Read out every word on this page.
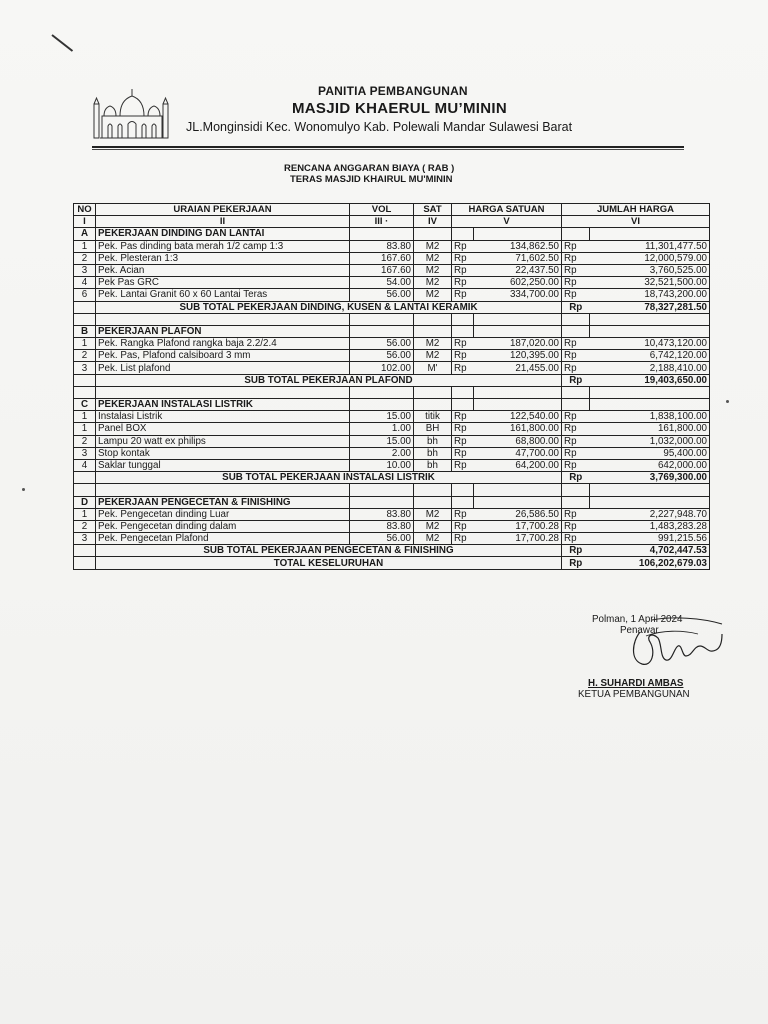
PANITIA PEMBANGUNAN
MASJID KHAERUL MU’MININ
JL.Monginsidi Kec. Wonomulyo Kab. Polewali Mandar Sulawesi Barat
RENCANA ANGGARAN BIAYA ( RAB )
TERAS MASJID KHAIRUL MU'MININ
NO	URAIAN PEKERJAAN	VOL	SAT	HARGA SATUAN		JUMLAH HARGA	
I	II	III ·	IV	V		VI	
A	PEKERJAAN DINDING DAN LANTAI						
1	Pek. Pas dinding bata merah 1/2 camp 1:3	83.80	M2	Rp	134,862.50	Rp	11,301,477.50
2	Pek. Plesteran 1:3	167.60	M2	Rp	71,602.50	Rp	12,000,579.00
3	Pek. Acian	167.60	M2	Rp	22,437.50	Rp	3,760,525.00
4	Pek Pas GRC	54.00	M2	Rp	602,250.00	Rp	32,521,500.00
6	Pek. Lantai Granit 60 x 60 Lantai Teras	56.00	M2	Rp	334,700.00	Rp	18,743,200.00
	SUB TOTAL PEKERJAAN DINDING, KUSEN & LANTAI KERAMIK					Rp	78,327,281.50

B	PEKERJAAN PLAFON						
1	Pek. Rangka Plafond rangka baja 2.2/2.4	56.00	M2	Rp	187,020.00	Rp	10,473,120.00
2	Pek. Pas, Plafond calsiboard 3 mm	56.00	M2	Rp	120,395.00	Rp	6,742,120.00
3	Pek. List plafond	102.00	M'	Rp	21,455.00	Rp	2,188,410.00
	SUB TOTAL PEKERJAAN PLAFOND					Rp	19,403,650.00

C	PEKERJAAN INSTALASI LISTRIK						
1	Instalasi Listrik	15.00	titik	Rp	122,540.00	Rp	1,838,100.00
1	Panel BOX	1.00	BH	Rp	161,800.00	Rp	161,800.00
2	Lampu 20 watt ex philips	15.00	bh	Rp	68,800.00	Rp	1,032,000.00
3	Stop kontak	2.00	bh	Rp	47,700.00	Rp	95,400.00
4	Saklar tunggal	10.00	bh	Rp	64,200.00	Rp	642,000.00
	SUB TOTAL PEKERJAAN INSTALASI LISTRIK					Rp	3,769,300.00

D	PEKERJAAN PENGECETAN & FINISHING						
1	Pek. Pengecetan dinding Luar	83.80	M2	Rp	26,586.50	Rp	2,227,948.70
2	Pek. Pengecetan dinding dalam	83.80	M2	Rp	17,700.28	Rp	1,483,283.28
3	Pek. Pengecetan Plafond	56.00	M2	Rp	17,700.28	Rp	991,215.56
	SUB TOTAL PEKERJAAN PENGECETAN & FINISHING					Rp	4,702,447.53
	TOTAL KESELURUHAN					Rp	106,202,679.03
Polman, 1 April 2024
Penawar
H. SUHARDI AMBAS
KETUA PEMBANGUNAN
